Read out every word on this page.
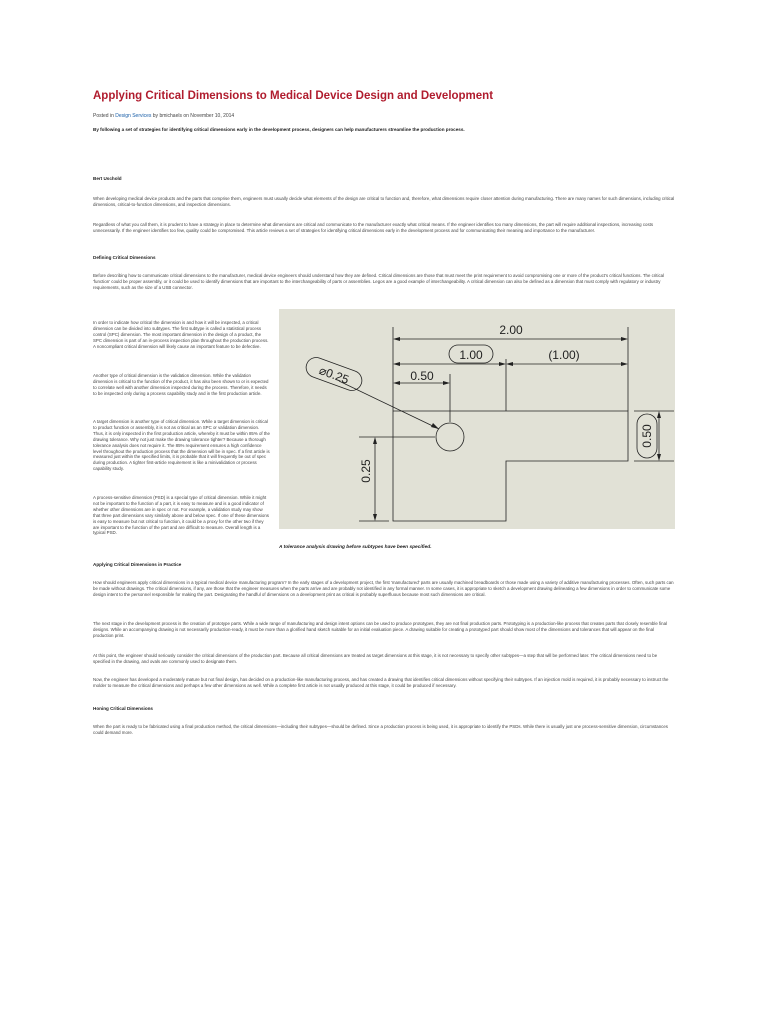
Applying Critical Dimensions to Medical Device Design and Development
Posted in Design Services by bmichaels on November 10, 2014
By following a set of strategies for identifying critical dimensions early in the development process, designers can help manufacturers streamline the production process.
Bert Uschold
When developing medical device products and the parts that comprise them, engineers must usually decide what elements of the design are critical to function and, therefore, what dimensions require closer attention during manufacturing. There are many names for such dimensions, including critical dimensions, critical-to-function dimensions, and inspection dimensions.
Regardless of what you call them, it is prudent to have a strategy in place to determine what dimensions are critical and communicate to the manufacturer exactly what critical means. If the engineer identifies too many dimensions, the part will require additional inspections, increasing costs unnecessarily. If the engineer identifies too few, quality could be compromised. This article reviews a set of strategies for identifying critical dimensions early in the development process and for communicating their meaning and importance to the manufacturer.
Defining Critical Dimensions
Before describing how to communicate critical dimensions to the manufacturer, medical device engineers should understand how they are defined. Critical dimensions are those that must meet the print requirement to avoid compromising one or more of the product's critical functions. The critical 'function' could be proper assembly, or it could be used to identify dimensions that are important to the interchangeability of parts or assemblies. Legos are a good example of interchangeability. A critical dimension can also be defined as a dimension that must comply with regulatory or industry requirements, such as the size of a USB connector.
In order to indicate how critical the dimension is and how it will be inspected, a critical dimension can be divided into subtypes. The first subtype is called a statistical process control (SPC) dimension. The most important dimension in the design of a product, the SPC dimension is part of an in-process inspection plan throughout the production process. A noncompliant critical dimension will likely cause an important feature to be defective.
Another type of critical dimension is the validation dimension. While the validation dimension is critical to the function of the product, it has also been shown to or is expected to correlate well with another dimension inspected during the process. Therefore, it needs to be inspected only during a process capability study and in the first production article.
A target dimension is another type of critical dimension. While a target dimension is critical to product function or assembly, it is not as critical as an SPC or validation dimension. Thus, it is only inspected in the first production article, whereby it must be within 85% of the drawing tolerance. Why not just make the drawing tolerance tighter? Because a thorough tolerance analysis does not require it. The 85% requirement ensures a high confidence level throughout the production process that the dimension will be in spec. If a first article is measured just within the specified limits, it is probable that it will frequently be out of spec during production. A tighter first-article requirement is like a minivalidation or process capability study.
A process-sensitive dimension (PSD) is a special type of critical dimension. While it might not be important to the function of a part, it is easy to measure and is a good indicator of whether other dimensions are in spec or not. For example, a validation study may show that three part dimensions vary similarly above and below spec. If one of these dimensions is easy to measure but not critical to function, it could be a proxy for the other two if they are important to the function of the part and are difficult to measure. Overall length is a typical PSD.
2.00
1.00	(1.00)
⌀0.25	0.50
0.50
0.25
A tolerance analysis drawing before subtypes have been specified.
Applying Critical Dimensions in Practice
How should engineers apply critical dimensions in a typical medical device manufacturing program? In the early stages of a development project, the first 'manufactured' parts are usually machined breadboards or those made using a variety of additive manufacturing processes. Often, such parts can be made without drawings. The critical dimensions, if any, are those that the engineer measures when the parts arrive and are probably not identified in any formal manner. In some cases, it is appropriate to sketch a development drawing delineating a few dimensions in order to communicate some design intent to the personnel responsible for making the part. Designating the handful of dimensions on a development print as critical is probably superfluous because most such dimensions are critical.
The next stage in the development process is the creation of prototype parts. While a wide range of manufacturing and design intent options can be used to produce prototypes, they are not final production parts. Prototyping is a production-like process that creates parts that closely resemble final designs. While an accompanying drawing is not necessarily production-ready, it must be more than a glorified hand sketch suitable for an initial evaluation piece. A drawing suitable for creating a prototyped part should show most of the dimensions and tolerances that will appear on the final production print.
At this point, the engineer should seriously consider the critical dimensions of the production part. Because all critical dimensions are treated as target dimensions at this stage, it is not necessary to specify other subtypes—a step that will be performed later. The critical dimensions need to be specified in the drawing, and ovals are commonly used to designate them.
Now, the engineer has developed a moderately mature but not final design, has decided on a production-like manufacturing process, and has created a drawing that identifies critical dimensions without specifying their subtypes. If an injection mold is required, it is probably necessary to instruct the molder to measure the critical dimensions and perhaps a few other dimensions as well. While a complete first article is not usually produced at this stage, it could be produced if necessary.
Honing Critical Dimensions
When the part is ready to be fabricated using a final production method, the critical dimensions—including their subtypes—should be defined. Since a production process is being used, it is appropriate to identify the PSDs. While there is usually just one process-sensitive dimension, circumstances could demand more.
